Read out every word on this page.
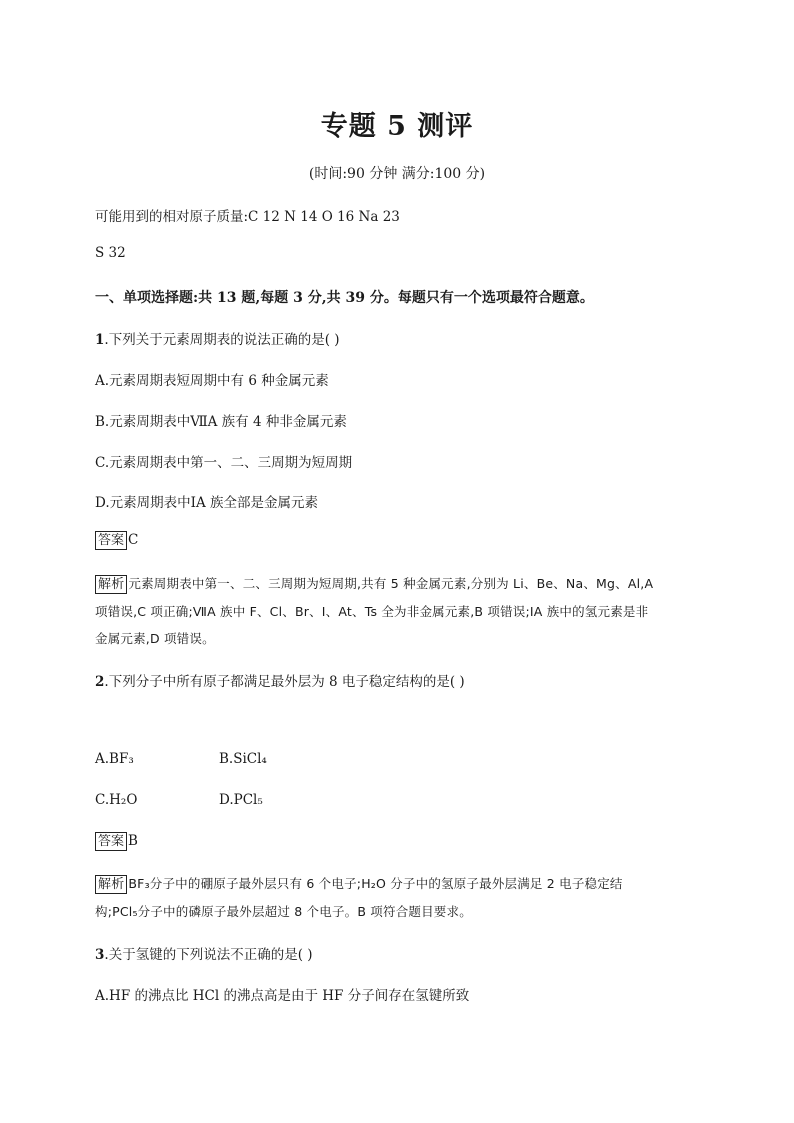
专题 5 测评
(时间:90 分钟 满分:100 分)
可能用到的相对原子质量:C 12 N 14 O 16 Na 23
S 32
一、单项选择题:共 13 题,每题 3 分,共 39 分。每题只有一个选项最符合题意。
1.下列关于元素周期表的说法正确的是( )
A.元素周期表短周期中有 6 种金属元素
B.元素周期表中ⅦA 族有 4 种非金属元素
C.元素周期表中第一、二、三周期为短周期
D.元素周期表中ⅠA 族全部是金属元素
答案 C
解析 元素周期表中第一、二、三周期为短周期,共有 5 种金属元素,分别为 Li、Be、Na、Mg、Al,A
项错误,C 项正确;ⅦA 族中 F、Cl、Br、I、At、Ts 全为非金属元素,B 项错误;ⅠA 族中的氢元素是非
金属元素,D 项错误。
2.下列分子中所有原子都满足最外层为 8 电子稳定结构的是( )
A.BF₃	B.SiCl₄
C.H₂O	D.PCl₅
答案 B
解析 BF₃分子中的硼原子最外层只有 6 个电子;H₂O 分子中的氢原子最外层满足 2 电子稳定结
构;PCl₅分子中的磷原子最外层超过 8 个电子。B 项符合题目要求。
3.关于氢键的下列说法不正确的是( )
A.HF 的沸点比 HCl 的沸点高是由于 HF 分子间存在氢键所致
